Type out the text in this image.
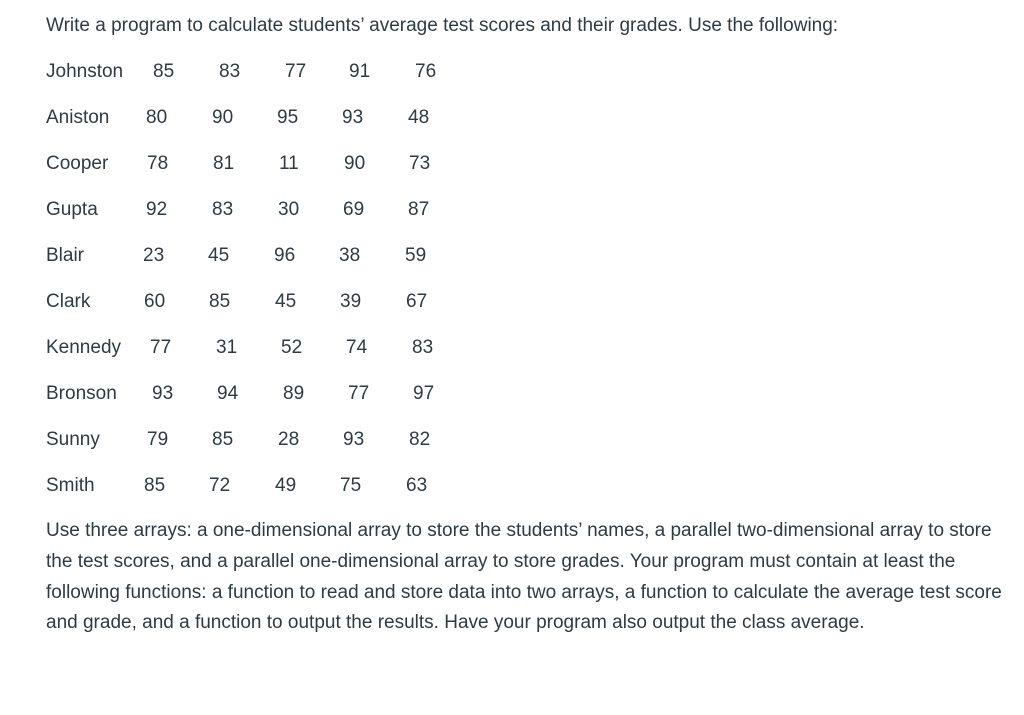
Write a program to calculate students’ average test scores and their grades. Use the following:

Johnston 85 83 77 91 76
Aniston 80 90 95 93 48
Cooper 78 81 11 90 73
Gupta	92 83 30 69 87
Blair	23 45 96 38 59
Clark	60 85 45 39 67
Kennedy 77 31 52 74 83
Bronson 93 94 89 77 97
Sunny 79 85 28 93 82
Smith	85 72 49 75 63

Use three arrays: a one-dimensional array to store the students’ names, a parallel two-dimensional array to store the test scores, and a parallel one-dimensional array to store grades. Your program must contain at least the following functions: a function to read and store data into two arrays, a function to calculate the average test score and grade, and a function to output the results. Have your program also output the class average.
